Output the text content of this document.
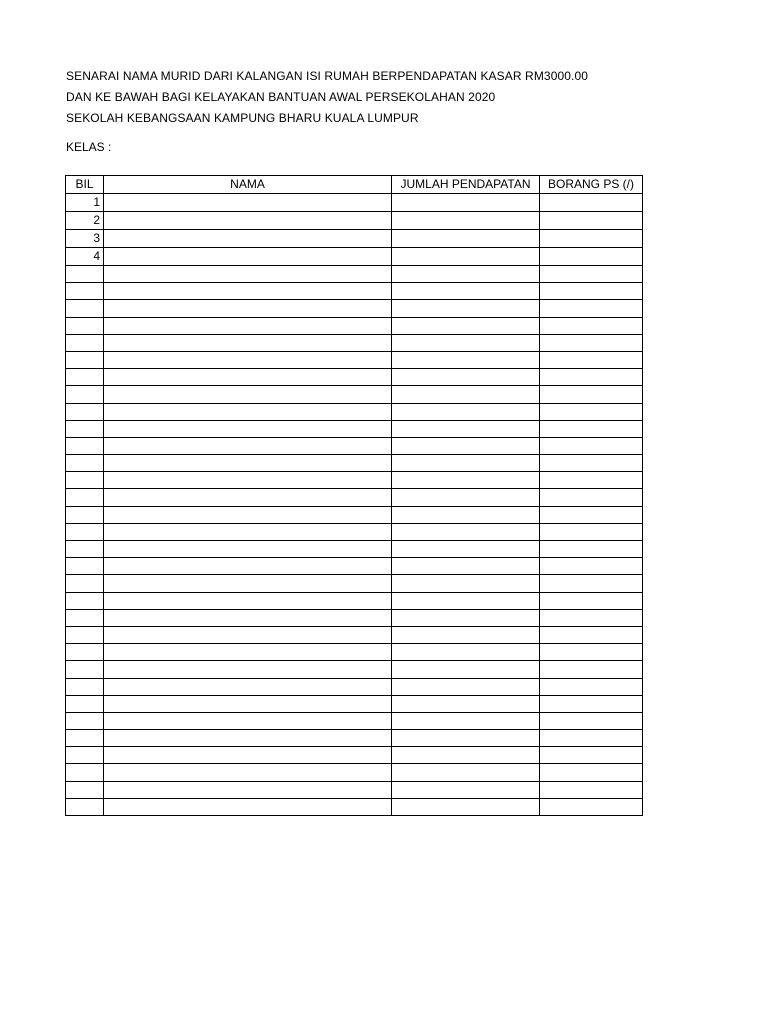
SENARAI NAMA MURID DARI KALANGAN ISI RUMAH BERPENDAPATAN KASAR RM3000.00
DAN KE BAWAH BAGI KELAYAKAN BANTUAN AWAL PERSEKOLAHAN 2020
SEKOLAH KEBANGSAAN KAMPUNG BHARU KUALA LUMPUR
KELAS :
BIL	NAMA	JUMLAH PENDAPATAN	BORANG PS (/)
1			
2			
3			
4			
